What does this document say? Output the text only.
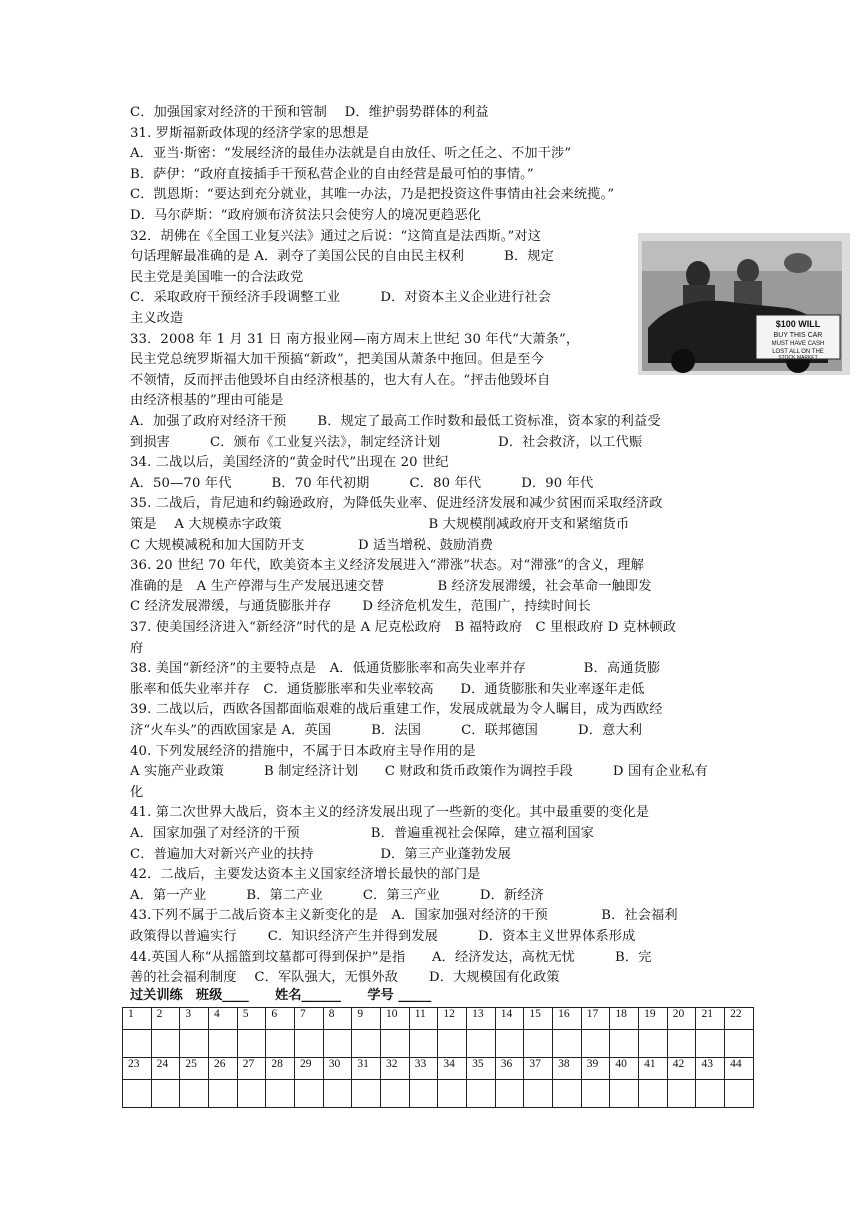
C．加强国家对经济的干预和管制　 D．维护弱势群体的利益
31. 罗斯福新政体现的经济学家的思想是
A．亚当·斯密：“发展经济的最佳办法就是自由放任、听之任之、不加干涉”
B．萨伊：“政府直接插手干预私营企业的自由经营是最可怕的事情。”
C．凯恩斯：“要达到充分就业，其唯一办法，乃是把投资这件事情由社会来统揽。”
D．马尔萨斯：“政府颁布济贫法只会使穷人的境况更趋恶化
32．胡佛在《全国工业复兴法》通过之后说：“这简直是法西斯。”对这
句话理解最准确的是 A．剥夺了美国公民的自由民主权利　　　B．规定
民主党是美国唯一的合法政党
C．采取政府干预经济手段调整工业　　　D．对资本主义企业进行社会
主义改造
33．2008 年 1 月 31 日 南方报业网—南方周末上世纪 30 年代“大萧条”，
民主党总统罗斯福大加干预搞“新政”，把美国从萧条中拖回。但是至今
不领情，反而抨击他毁坏自由经济根基的，也大有人在。“抨击他毁坏自
由经济根基的”理由可能是
A．加强了政府对经济干预　　 B．规定了最高工作时数和最低工资标准，资本家的利益受
到损害　　　C．颁布《工业复兴法》，制定经济计划　　　　 D．社会救济，以工代赈
34. 二战以后，美国经济的“黄金时代”出现在 20 世纪
A．50—70 年代　　　B．70 年代初期　　　C．80 年代　　　D．90 年代
35. 二战后，肯尼迪和约翰逊政府，为降低失业率、促进经济发展和减少贫困而采取经济政
策是　 A 大规模赤字政策　　　　　　　　　　　B 大规模削减政府开支和紧缩货币
C 大规模减税和加大国防开支　　　　D 适当增税、鼓励消费
36. 20 世纪 70 年代，欧美资本主义经济发展进入“滞涨”状态。对“滞涨”的含义，理解
准确的是　A 生产停滞与生产发展迅速交替　　　　B 经济发展滞缓，社会革命一触即发
C 经济发展滞缓，与通货膨胀并存　　 D 经济危机发生，范围广，持续时间长
37. 使美国经济进入“新经济”时代的是 A 尼克松政府　B 福特政府　C 里根政府 D 克林顿政
府
38. 美国“新经济”的主要特点是　A．低通货膨胀率和高失业率并存　　　　 B．高通货膨
胀率和低失业率并存　C．通货膨胀率和失业率较高　　D．通货膨胀和失业率逐年走低
39. 二战以后，西欧各国都面临艰难的战后重建工作，发展成就最为令人瞩目，成为西欧经
济“火车头”的西欧国家是 A．英国　　　B．法国　　　C．联邦德国　　　D．意大利
40. 下列发展经济的措施中，不属于日本政府主导作用的是
A 实施产业政策　　　B 制定经济计划　　C 财政和货币政策作为调控手段　　　D 国有企业私有
化
41. 第二次世界大战后，资本主义的经济发展出现了一些新的变化。其中最重要的变化是
A．国家加强了对经济的干预　　　　　 B．普遍重视社会保障，建立福利国家
C．普遍加大对新兴产业的扶持　　　　　D．第三产业蓬勃发展
42．二战后，主要发达资本主义国家经济增长最快的部门是
A．第一产业　　　B．第二产业　　　C．第三产业　　　D．新经济
43.下列不属于二战后资本主义新变化的是　A．国家加强对经济的干预　　　　B．社会福利
政策得以普遍实行　　 C．知识经济产生并得到发展　　　D．资本主义世界体系形成
44.英国人称“从摇篮到坟墓都可得到保护”是指　　A．经济发达，高枕无忧　　　B．完
善的社会福利制度　 C．军队强大，无惧外敌　　 D．大规模国有化政策
$100 WILL
BUY THIS CAR
MUST HAVE CASH
LOST ALL ON THE
STOCK MARKET
过关训练　班级____　　姓名______　　学号 _____
1	2	3	4	5	6	7	8	9	10	11	12	13	14	15	16	17	18	19	20	21	22

23	24	25	26	27	28	29	30	31	32	33	34	35	36	37	38	39	40	41	42	43	44
